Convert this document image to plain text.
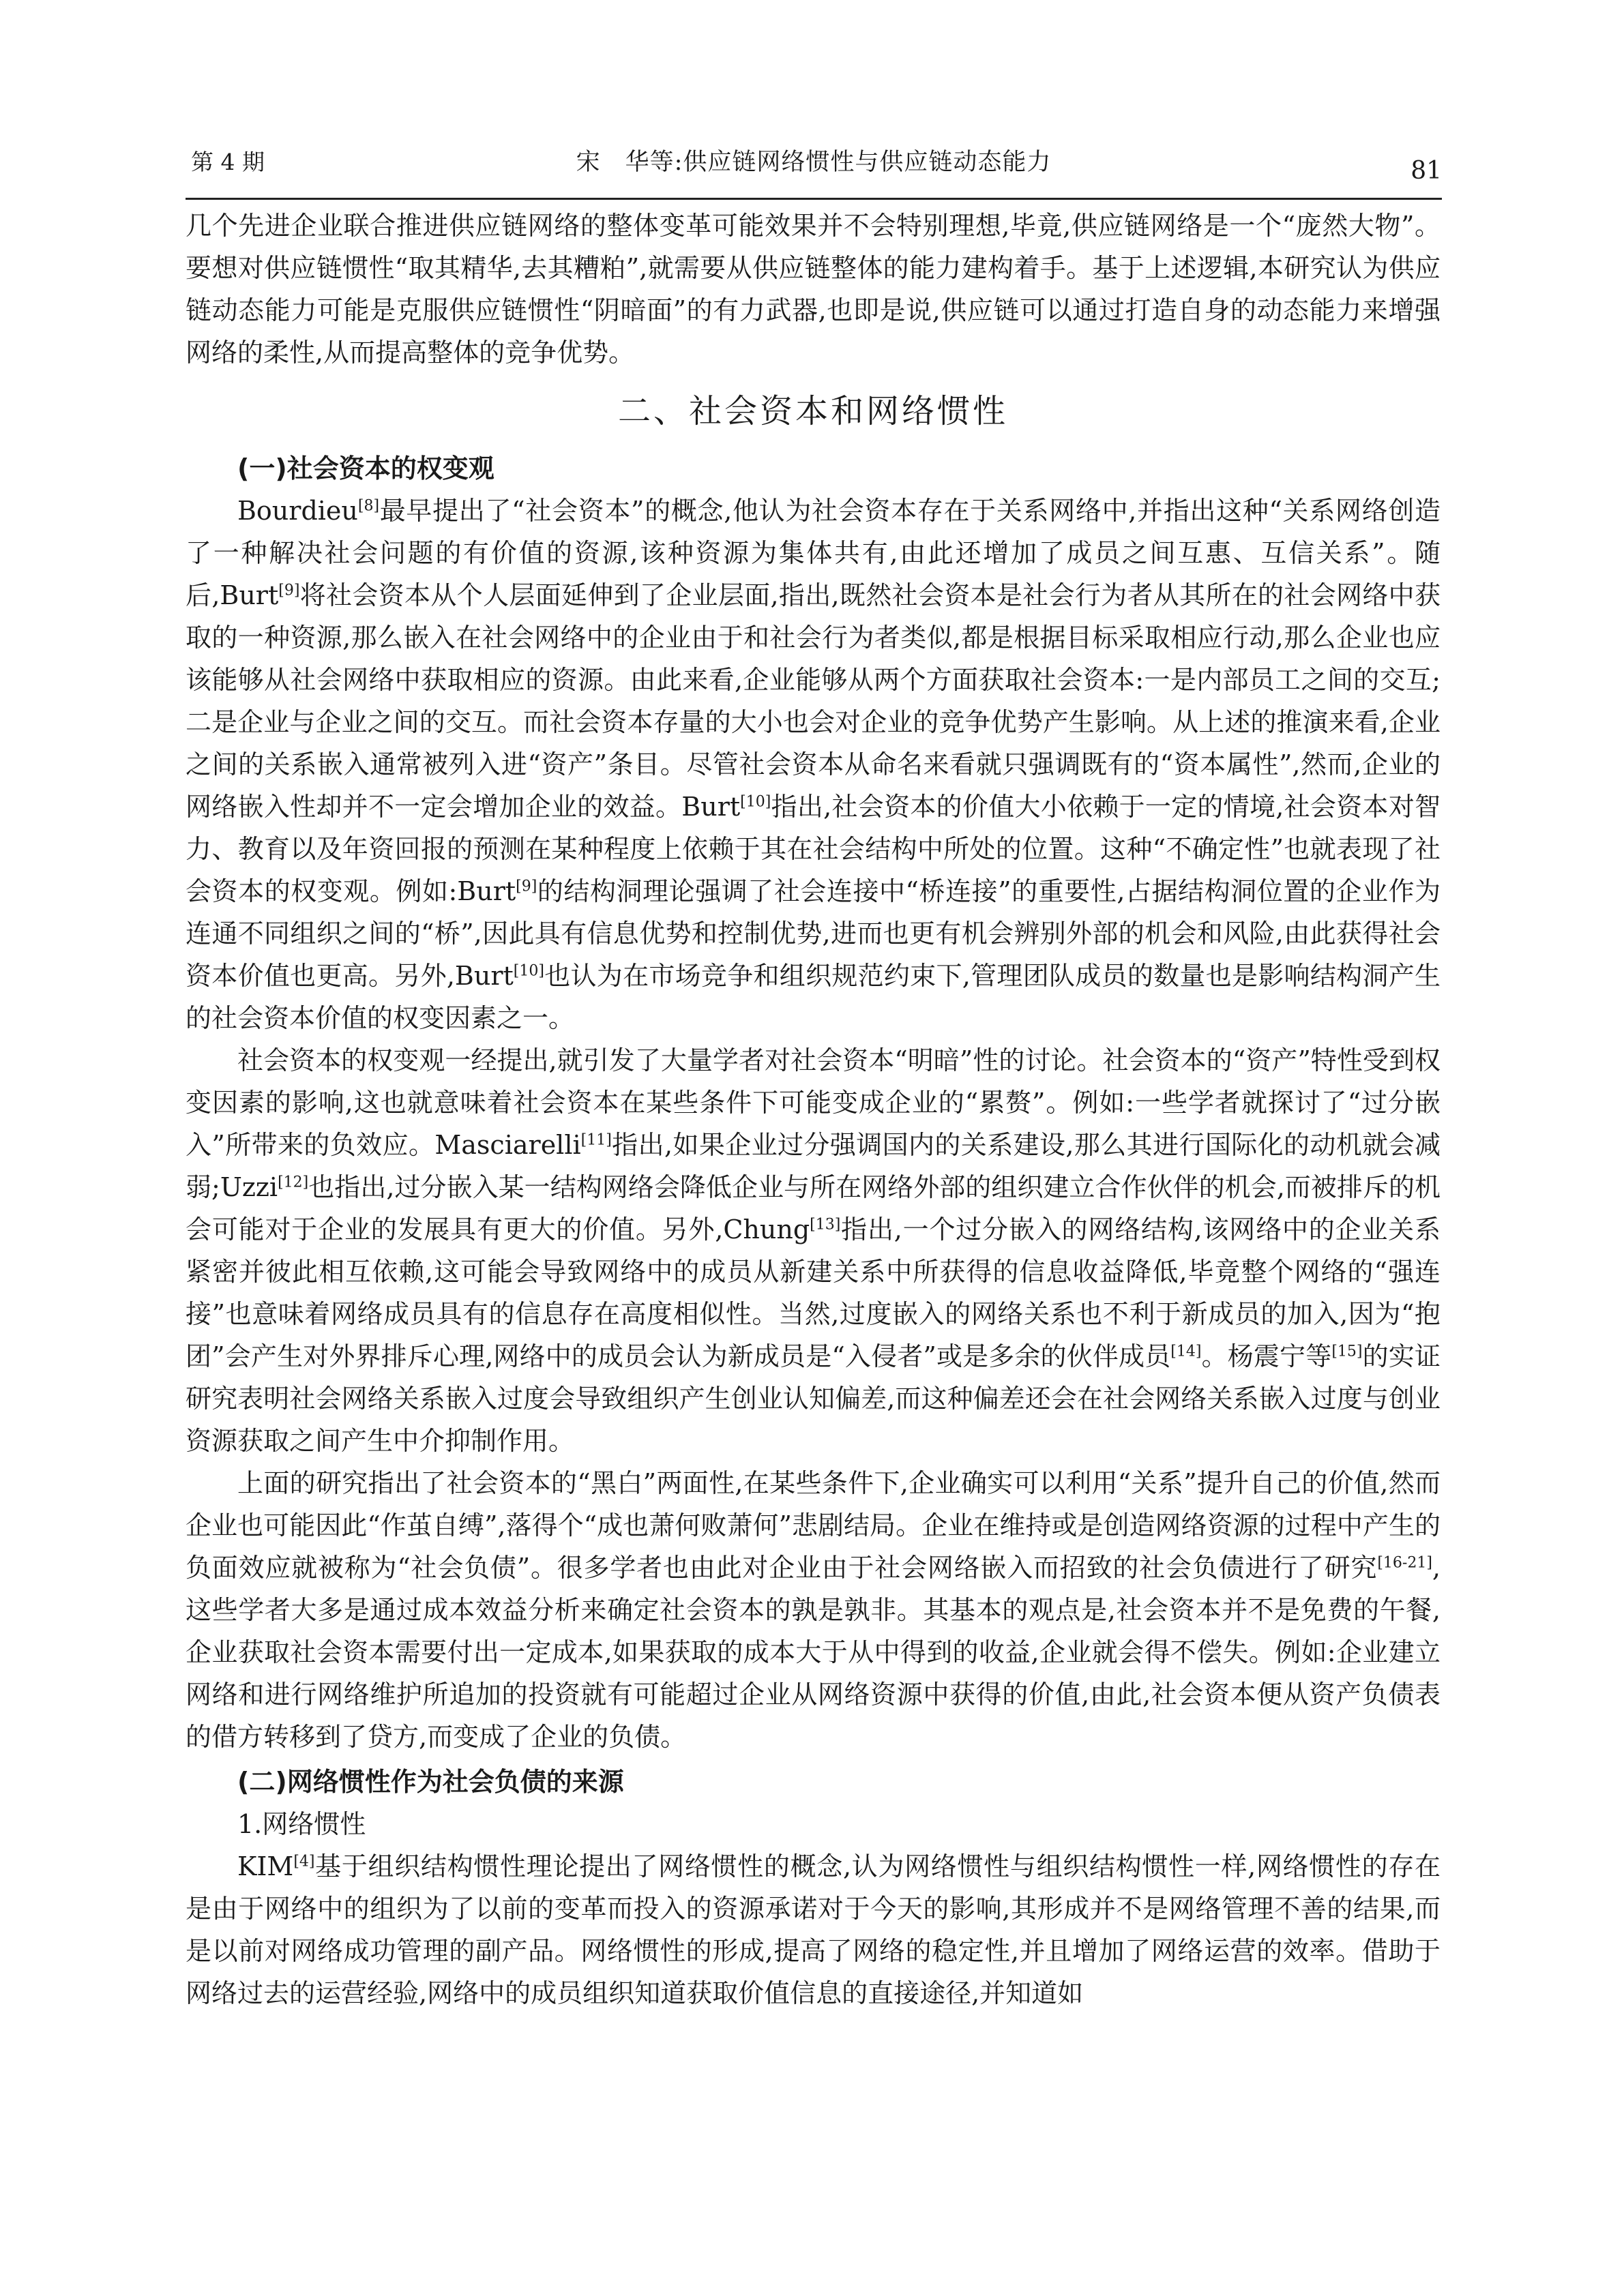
第 4 期	宋　华等:供应链网络惯性与供应链动态能力	81

几个先进企业联合推进供应链网络的整体变革可能效果并不会特别理想,毕竟,供应链网络是一个“庞然大物”。要想对供应链惯性“取其精华,去其糟粕”,就需要从供应链整体的能力建构着手。基于上述逻辑,本研究认为供应链动态能力可能是克服供应链惯性“阴暗面”的有力武器,也即是说,供应链可以通过打造自身的动态能力来增强网络的柔性,从而提高整体的竞争优势。

二、社会资本和网络惯性
(一)社会资本的权变观

Bourdieu[8]最早提出了“社会资本”的概念,他认为社会资本存在于关系网络中,并指出这种“关系网络创造了一种解决社会问题的有价值的资源,该种资源为集体共有,由此还增加了成员之间互惠、互信关系”。随后,Burt[9]将社会资本从个人层面延伸到了企业层面,指出,既然社会资本是社会行为者从其所在的社会网络中获取的一种资源,那么嵌入在社会网络中的企业由于和社会行为者类似,都是根据目标采取相应行动,那么企业也应该能够从社会网络中获取相应的资源。由此来看,企业能够从两个方面获取社会资本:一是内部员工之间的交互;二是企业与企业之间的交互。而社会资本存量的大小也会对企业的竞争优势产生影响。从上述的推演来看,企业之间的关系嵌入通常被列入进“资产”条目。尽管社会资本从命名来看就只强调既有的“资本属性”,然而,企业的网络嵌入性却并不一定会增加企业的效益。Burt[10]指出,社会资本的价值大小依赖于一定的情境,社会资本对智力、教育以及年资回报的预测在某种程度上依赖于其在社会结构中所处的位置。这种“不确定性”也就表现了社会资本的权变观。例如:Burt[9]的结构洞理论强调了社会连接中“桥连接”的重要性,占据结构洞位置的企业作为连通不同组织之间的“桥”,因此具有信息优势和控制优势,进而也更有机会辨别外部的机会和风险,由此获得社会资本价值也更高。另外,Burt[10]也认为在市场竞争和组织规范约束下,管理团队成员的数量也是影响结构洞产生的社会资本价值的权变因素之一。

社会资本的权变观一经提出,就引发了大量学者对社会资本“明暗”性的讨论。社会资本的“资产”特性受到权变因素的影响,这也就意味着社会资本在某些条件下可能变成企业的“累赘”。例如:一些学者就探讨了“过分嵌入”所带来的负效应。Masciarelli[11]指出,如果企业过分强调国内的关系建设,那么其进行国际化的动机就会减弱;Uzzi[12]也指出,过分嵌入某一结构网络会降低企业与所在网络外部的组织建立合作伙伴的机会,而被排斥的机会可能对于企业的发展具有更大的价值。另外,Chung[13]指出,一个过分嵌入的网络结构,该网络中的企业关系紧密并彼此相互依赖,这可能会导致网络中的成员从新建关系中所获得的信息收益降低,毕竟整个网络的“强连接”也意味着网络成员具有的信息存在高度相似性。当然,过度嵌入的网络关系也不利于新成员的加入,因为“抱团”会产生对外界排斥心理,网络中的成员会认为新成员是“入侵者”或是多余的伙伴成员[14]。杨震宁等[15]的实证研究表明社会网络关系嵌入过度会导致组织产生创业认知偏差,而这种偏差还会在社会网络关系嵌入过度与创业资源获取之间产生中介抑制作用。

上面的研究指出了社会资本的“黑白”两面性,在某些条件下,企业确实可以利用“关系”提升自己的价值,然而企业也可能因此“作茧自缚”,落得个“成也萧何败萧何”悲剧结局。企业在维持或是创造网络资源的过程中产生的负面效应就被称为“社会负债”。很多学者也由此对企业由于社会网络嵌入而招致的社会负债进行了研究[16-21],这些学者大多是通过成本效益分析来确定社会资本的孰是孰非。其基本的观点是,社会资本并不是免费的午餐,企业获取社会资本需要付出一定成本,如果获取的成本大于从中得到的收益,企业就会得不偿失。例如:企业建立网络和进行网络维护所追加的投资就有可能超过企业从网络资源中获得的价值,由此,社会资本便从资产负债表的借方转移到了贷方,而变成了企业的负债。

(二)网络惯性作为社会负债的来源

1.网络惯性

KIM[4]基于组织结构惯性理论提出了网络惯性的概念,认为网络惯性与组织结构惯性一样,网络惯性的存在是由于网络中的组织为了以前的变革而投入的资源承诺对于今天的影响,其形成并不是网络管理不善的结果,而是以前对网络成功管理的副产品。网络惯性的形成,提高了网络的稳定性,并且增加了网络运营的效率。借助于网络过去的运营经验,网络中的成员组织知道获取价值信息的直接途径,并知道如
